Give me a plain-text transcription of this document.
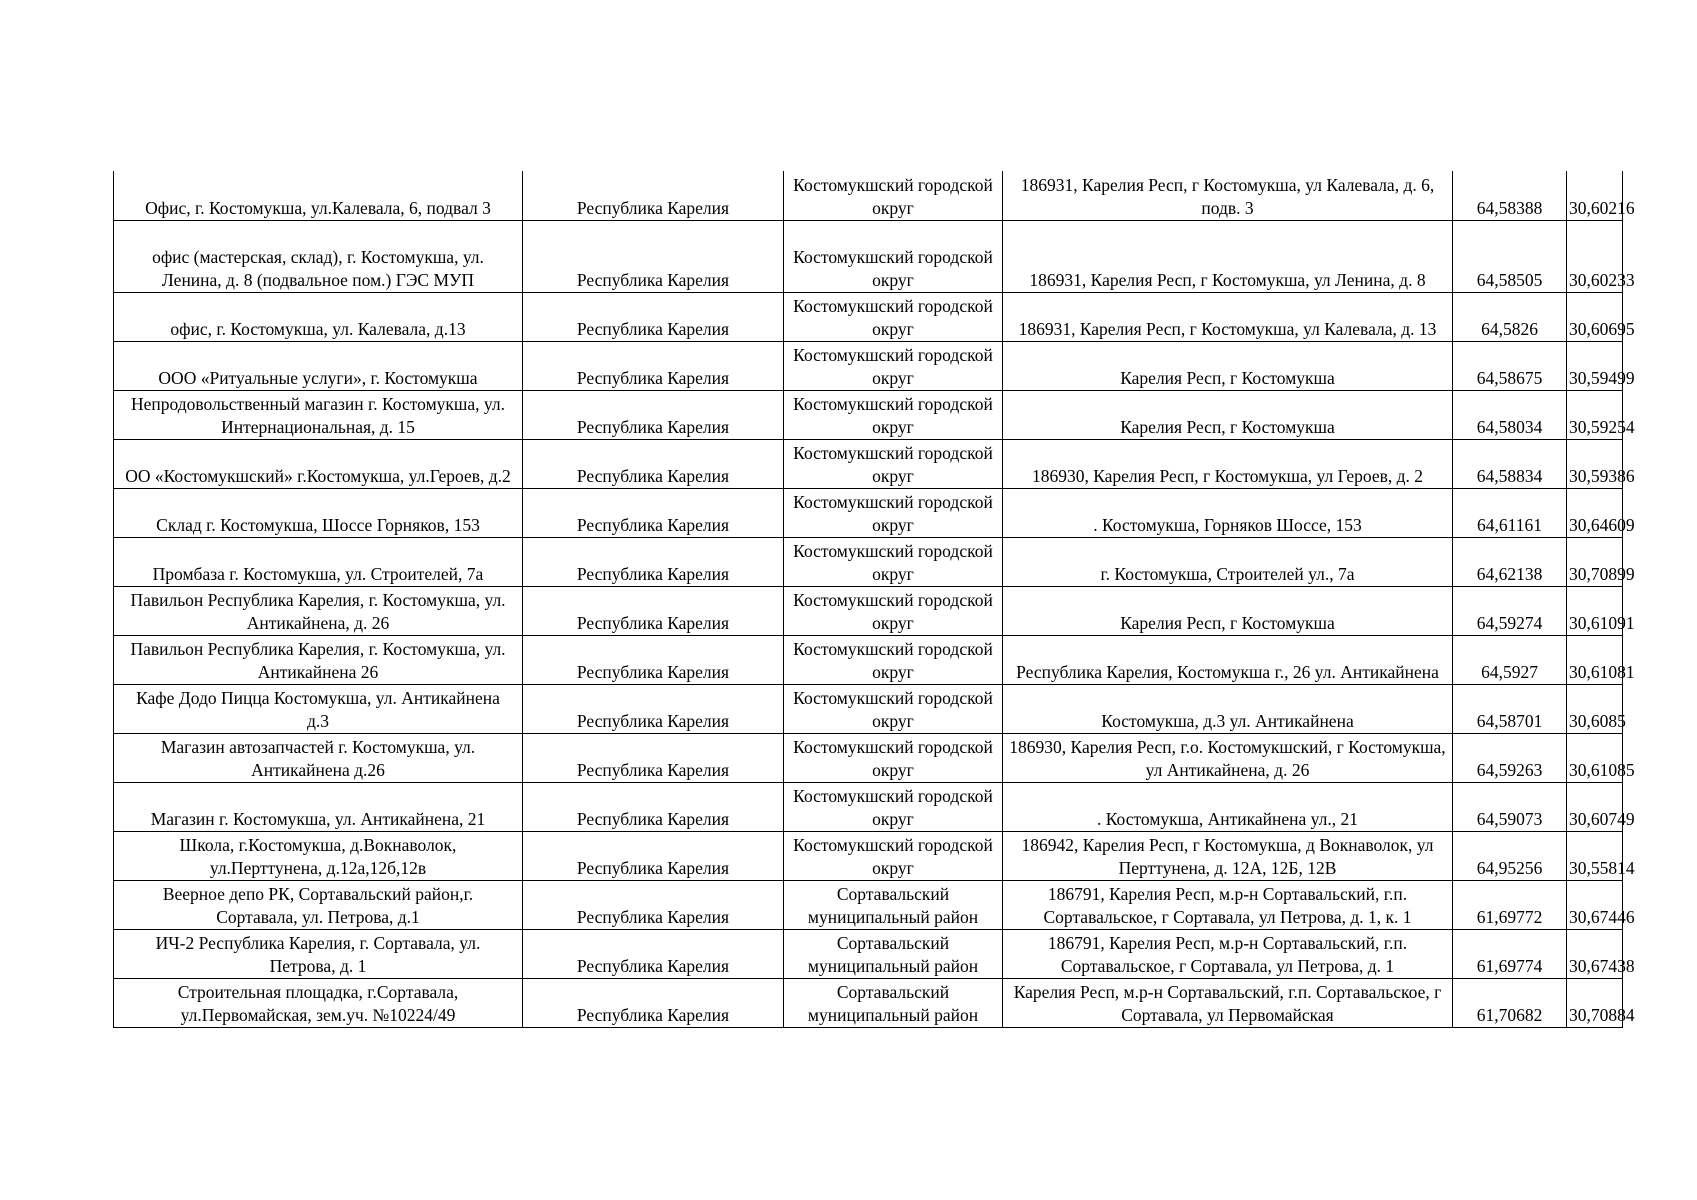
Офис, г. Костомукша, ул.Калевала, 6, подвал 3	Республика Карелия	Костомукшский городской округ	186931, Карелия Респ, г Костомукша, ул Калевала, д. 6, подв. 3	64,58388	30,60216
офис (мастерская, склад), г. Костомукша, ул. Ленина, д. 8 (подвальное пом.) ГЭС МУП	Республика Карелия	Костомукшский городской округ	186931, Карелия Респ, г Костомукша, ул Ленина, д. 8	64,58505	30,60233
офис, г. Костомукша, ул. Калевала, д.13	Республика Карелия	Костомукшский городской округ	186931, Карелия Респ, г Костомукша, ул Калевала, д. 13	64,5826	30,60695
ООО «Ритуальные услуги», г. Костомукша	Республика Карелия	Костомукшский городской округ	Карелия Респ, г Костомукша	64,58675	30,59499
Непродовольственный магазин г. Костомукша, ул. Интернациональная, д. 15	Республика Карелия	Костомукшский городской округ	Карелия Респ, г Костомукша	64,58034	30,59254
ОО «Костомукшский» г.Костомукша, ул.Героев, д.2	Республика Карелия	Костомукшский городской округ	186930, Карелия Респ, г Костомукша, ул Героев, д. 2	64,58834	30,59386
Склад г. Костомукша, Шоссе Горняков, 153	Республика Карелия	Костомукшский городской округ	. Костомукша, Горняков Шоссе, 153	64,61161	30,64609
Промбаза г. Костомукша, ул. Строителей, 7а	Республика Карелия	Костомукшский городской округ	г. Костомукша, Строителей ул., 7а	64,62138	30,70899
Павильон Республика Карелия, г. Костомукша, ул. Антикайнена, д. 26	Республика Карелия	Костомукшский городской округ	Карелия Респ, г Костомукша	64,59274	30,61091
Павильон Республика Карелия, г. Костомукша, ул. Антикайнена 26	Республика Карелия	Костомукшский городской округ	Республика Карелия, Костомукша г., 26 ул. Антикайнена	64,5927	30,61081
Кафе Додо Пицца Костомукша, ул. Антикайнена д.3	Республика Карелия	Костомукшский городской округ	Костомукша, д.3 ул. Антикайнена	64,58701	30,6085
Магазин автозапчастей г. Костомукша, ул. Антикайнена д.26	Республика Карелия	Костомукшский городской округ	186930, Карелия Респ, г.о. Костомукшский, г Костомукша, ул Антикайнена, д. 26	64,59263	30,61085
Магазин г. Костомукша, ул. Антикайнена, 21	Республика Карелия	Костомукшский городской округ	. Костомукша, Антикайнена ул., 21	64,59073	30,60749
Школа, г.Костомукша, д.Вокнаволок, ул.Перттунена, д.12а,12б,12в	Республика Карелия	Костомукшский городской округ	186942, Карелия Респ, г Костомукша, д Вокнаволок, ул Перттунена, д. 12А, 12Б, 12В	64,95256	30,55814
Веерное депо РК, Сортавальский район,г. Сортавала, ул. Петрова, д.1	Республика Карелия	Сортавальский муниципальный район	186791, Карелия Респ, м.р-н Сортавальский, г.п. Сортавальское, г Сортавала, ул Петрова, д. 1, к. 1	61,69772	30,67446
ИЧ-2 Республика Карелия, г. Сортавала, ул. Петрова, д. 1	Республика Карелия	Сортавальский муниципальный район	186791, Карелия Респ, м.р-н Сортавальский, г.п. Сортавальское, г Сортавала, ул Петрова, д. 1	61,69774	30,67438
Строительная площадка, г.Сортавала, ул.Первомайская, зем.уч. №10224/49	Республика Карелия	Сортавальский муниципальный район	Карелия Респ, м.р-н Сортавальский, г.п. Сортавальское, г Сортавала, ул Первомайская	61,70682	30,70884
